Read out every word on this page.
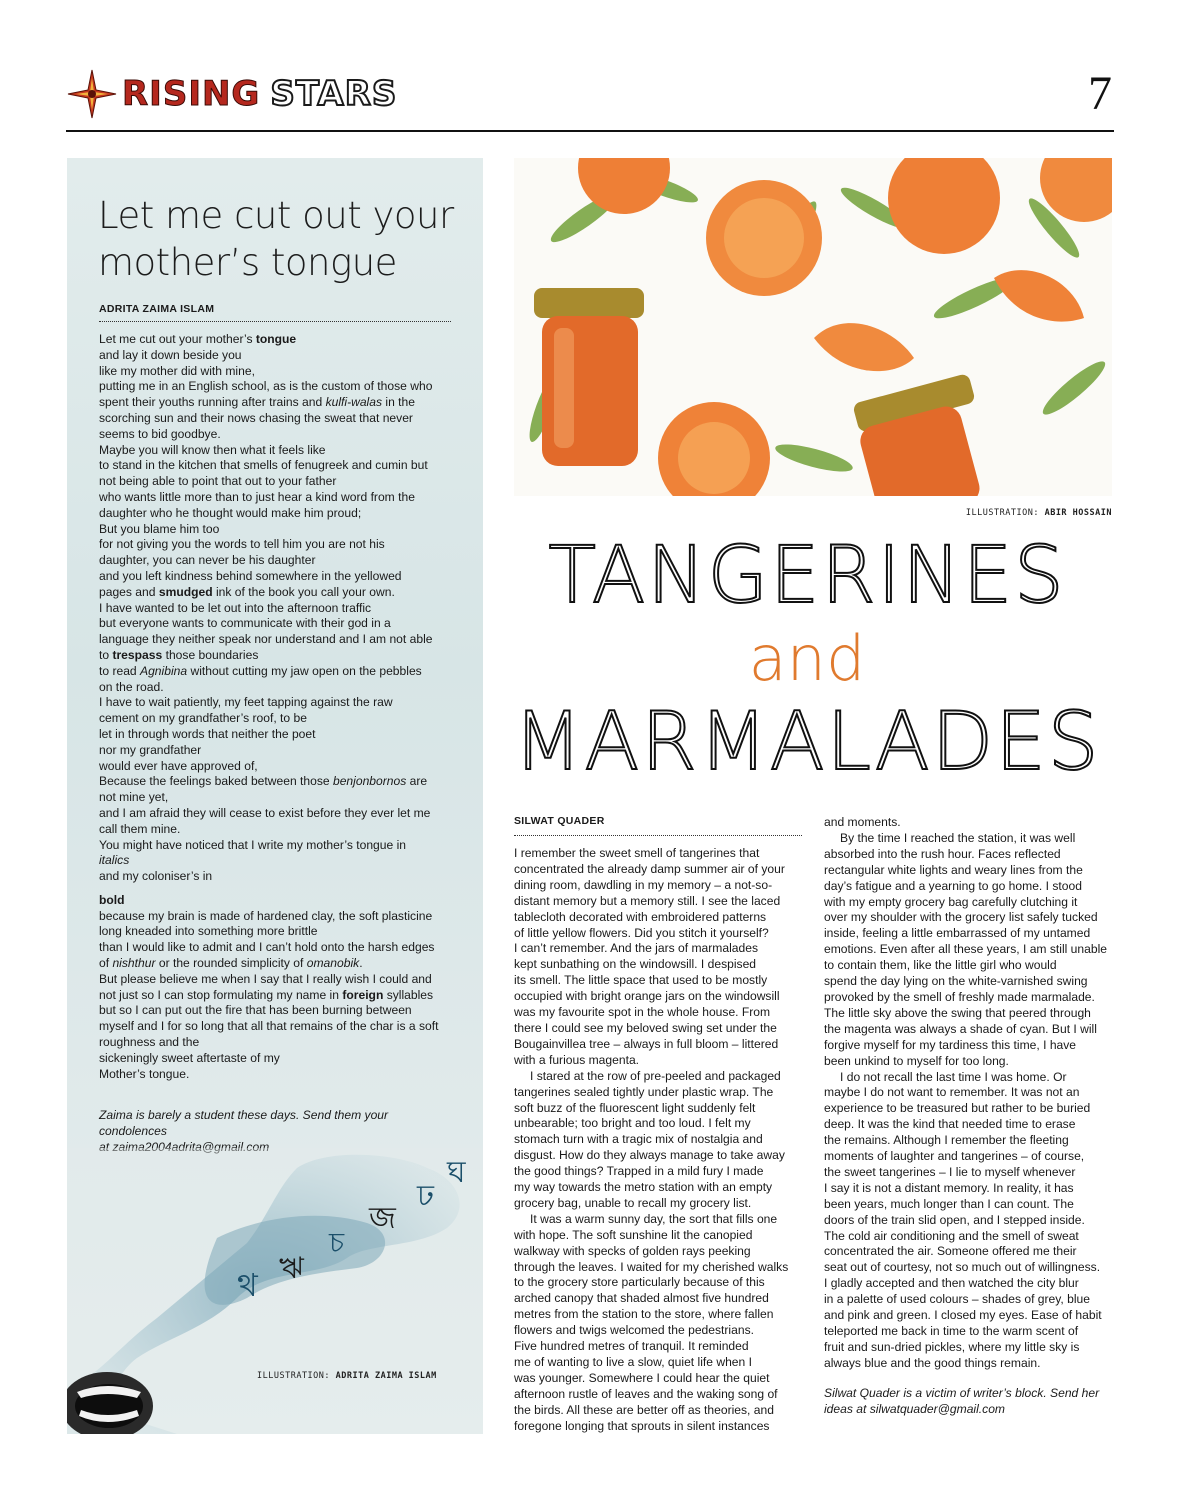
RISING STARS	7
Let me cut out your
mother’s tongue
ADRITA ZAIMA ISLAM
Let me cut out your mother’s tongue
and lay it down beside you
like my mother did with mine,
putting me in an English school, as is the custom of those who
spent their youths running after trains and kulfi-walas in the
scorching sun and their nows chasing the sweat that never
seems to bid goodbye.
Maybe you will know then what it feels like
to stand in the kitchen that smells of fenugreek and cumin but
not being able to point that out to your father
who wants little more than to just hear a kind word from the
daughter who he thought would make him proud;
But you blame him too
for not giving you the words to tell him you are not his
daughter, you can never be his daughter
and you left kindness behind somewhere in the yellowed
pages and smudged ink of the book you call your own.
I have wanted to be let out into the afternoon traffic
but everyone wants to communicate with their god in a
language they neither speak nor understand and I am not able
to trespass those boundaries
to read Agnibina without cutting my jaw open on the pebbles
on the road.
I have to wait patiently, my feet tapping against the raw
cement on my grandfather’s roof, to be
let in through words that neither the poet
nor my grandfather
would ever have approved of,
Because the feelings baked between those benjonbornos are
not mine yet,
and I am afraid they will cease to exist before they ever let me
call them mine.
You might have noticed that I write my mother’s tongue in
italics
and my coloniser’s in
bold
because my brain is made of hardened clay, the soft plasticine
long kneaded into something more brittle
than I would like to admit and I can’t hold onto the harsh edges
of nishthur or the rounded simplicity of omanobik.
But please believe me when I say that I really wish I could and
not just so I can stop formulating my name in foreign syllables
but so I can put out the fire that has been burning between
myself and I for so long that all that remains of the char is a soft
roughness and the
sickeningly sweet aftertaste of my
Mother’s tongue.
Zaima is barely a student these days. Send them your condolences
at zaima2004adrita@gmail.com
থ ঋ
চ
জ
ঢ
ঘ
ILLUSTRATION: ADRITA ZAIMA ISLAM
ILLUSTRATION: ABIR HOSSAIN
TANGERINES
and
MARMALADES
SILWAT QUADER
I remember the sweet smell of tangerines that
concentrated the already damp summer air of your
dining room, dawdling in my memory – a not-so-
distant memory but a memory still. I see the laced
tablecloth decorated with embroidered patterns
of little yellow flowers. Did you stitch it yourself?
I can’t remember. And the jars of marmalades
kept sunbathing on the windowsill. I despised
its smell. The little space that used to be mostly
occupied with bright orange jars on the windowsill
was my favourite spot in the whole house. From
there I could see my beloved swing set under the
Bougainvillea tree – always in full bloom – littered
with a furious magenta.
I stared at the row of pre-peeled and packaged
tangerines sealed tightly under plastic wrap. The
soft buzz of the fluorescent light suddenly felt
unbearable; too bright and too loud. I felt my
stomach turn with a tragic mix of nostalgia and
disgust. How do they always manage to take away
the good things? Trapped in a mild fury I made
my way towards the metro station with an empty
grocery bag, unable to recall my grocery list.
It was a warm sunny day, the sort that fills one
with hope. The soft sunshine lit the canopied
walkway with specks of golden rays peeking
through the leaves. I waited for my cherished walks
to the grocery store particularly because of this
arched canopy that shaded almost five hundred
metres from the station to the store, where fallen
flowers and twigs welcomed the pedestrians.
Five hundred metres of tranquil. It reminded
me of wanting to live a slow, quiet life when I
was younger. Somewhere I could hear the quiet
afternoon rustle of leaves and the waking song of
the birds. All these are better off as theories, and
foregone longing that sprouts in silent instances
and moments.
By the time I reached the station, it was well
absorbed into the rush hour. Faces reflected
rectangular white lights and weary lines from the
day’s fatigue and a yearning to go home. I stood
with my empty grocery bag carefully clutching it
over my shoulder with the grocery list safely tucked
inside, feeling a little embarrassed of my untamed
emotions. Even after all these years, I am still unable
to contain them, like the little girl who would
spend the day lying on the white-varnished swing
provoked by the smell of freshly made marmalade.
The little sky above the swing that peered through
the magenta was always a shade of cyan. But I will
forgive myself for my tardiness this time, I have
been unkind to myself for too long.
I do not recall the last time I was home. Or
maybe I do not want to remember. It was not an
experience to be treasured but rather to be buried
deep. It was the kind that needed time to erase
the remains. Although I remember the fleeting
moments of laughter and tangerines – of course,
the sweet tangerines – I lie to myself whenever
I say it is not a distant memory. In reality, it has
been years, much longer than I can count. The
doors of the train slid open, and I stepped inside.
The cold air conditioning and the smell of sweat
concentrated the air. Someone offered me their
seat out of courtesy, not so much out of willingness.
I gladly accepted and then watched the city blur
in a palette of used colours – shades of grey, blue
and pink and green. I closed my eyes. Ease of habit
teleported me back in time to the warm scent of
fruit and sun-dried pickles, where my little sky is
always blue and the good things remain.
Silwat Quader is a victim of writer’s block. Send her
ideas at silwatquader@gmail.com
